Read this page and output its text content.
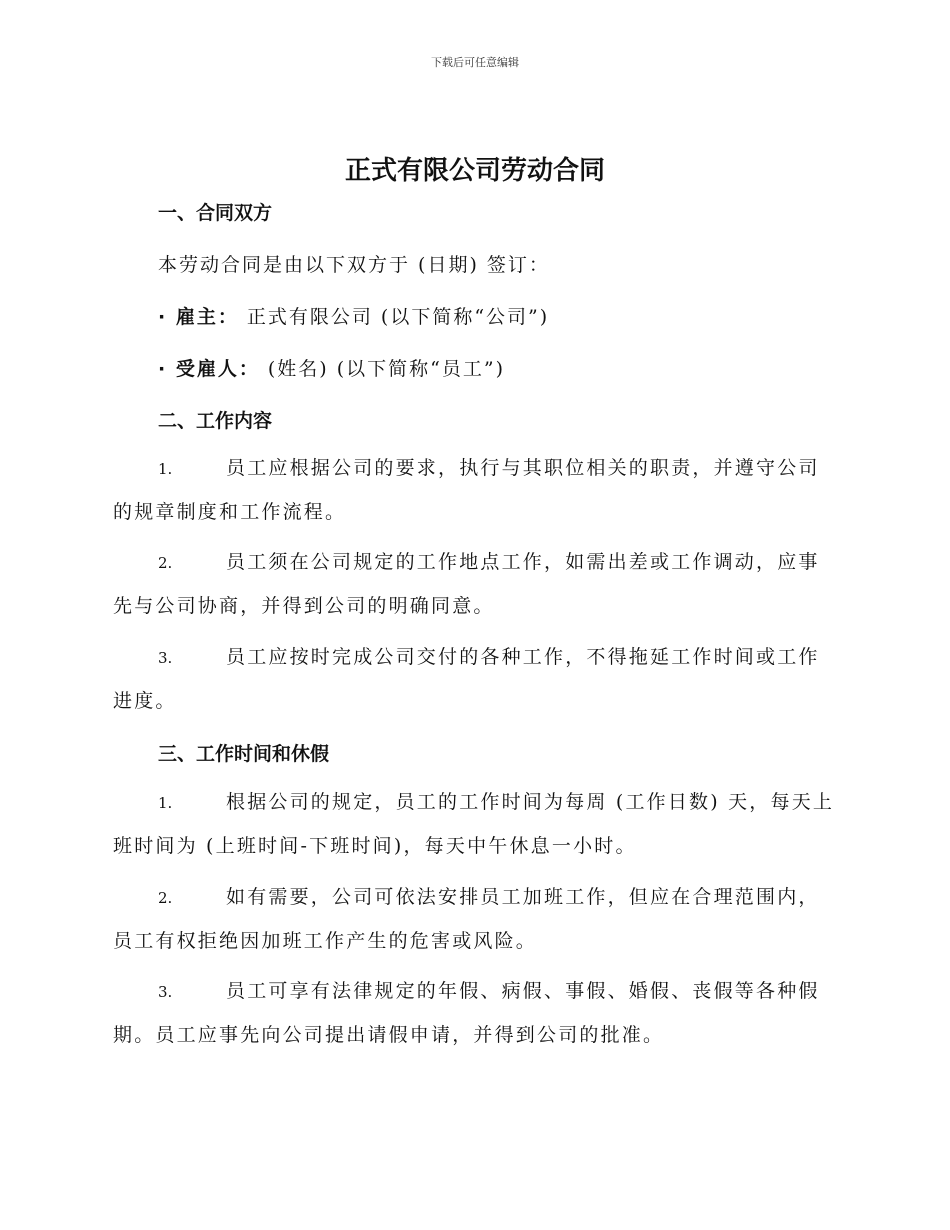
下载后可任意编辑
正式有限公司劳动合同
一、合同双方
本劳动合同是由以下双方于 (日期) 签订：
· 雇主： 正式有限公司 (以下简称“公司”)
· 受雇人： (姓名) (以下简称“员工”)
二、工作内容
1.	员工应根据公司的要求，执行与其职位相关的职责，并遵守公司的规章制度和工作流程。
2.	员工须在公司规定的工作地点工作，如需出差或工作调动，应事先与公司协商，并得到公司的明确同意。
3.	员工应按时完成公司交付的各种工作，不得拖延工作时间或工作进度。
三、工作时间和休假
1.	根据公司的规定，员工的工作时间为每周 (工作日数) 天，每天上班时间为 (上班时间-下班时间)，每天中午休息一小时。
2.	如有需要，公司可依法安排员工加班工作，但应在合理范围内，员工有权拒绝因加班工作产生的危害或风险。
3.	员工可享有法律规定的年假、病假、事假、婚假、丧假等各种假期。员工应事先向公司提出请假申请，并得到公司的批准。
